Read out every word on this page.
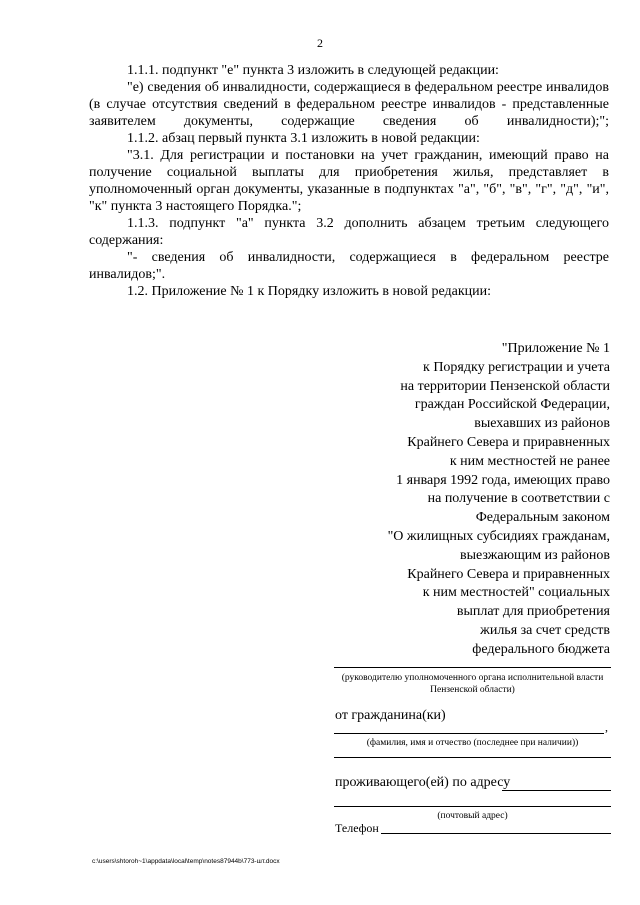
2

1.1.1. подпункт "е" пункта 3 изложить в следующей редакции:

"е) сведения об инвалидности, содержащиеся в федеральном реестре инвалидов (в случае отсутствия сведений в федеральном реестре инвалидов - представленные заявителем документы, содержащие сведения об инвалидности);";

1.1.2. абзац первый пункта 3.1 изложить в новой редакции:

"3.1. Для регистрации и постановки на учет гражданин, имеющий право на получение социальной выплаты для приобретения жилья, представляет в уполномоченный орган документы, указанные в подпунктах "а", "б", "в", "г", "д", "и", "к" пункта 3 настоящего Порядка.";

1.1.3. подпункт "а" пункта 3.2 дополнить абзацем третьим следующего содержания:

"- сведения об инвалидности, содержащиеся в федеральном реестре инвалидов;".

1.2. Приложение № 1 к Порядку изложить в новой редакции:

"Приложение № 1
к Порядку регистрации и учета
на территории Пензенской области
граждан Российской Федерации,
выехавших из районов
Крайнего Севера и приравненных
к ним местностей не ранее
1 января 1992 года, имеющих право
на получение в соответствии с
Федеральным законом
"О жилищных субсидиях гражданам,
выезжающим из районов
Крайнего Севера и приравненных
к ним местностей" социальных
выплат для приобретения
жилья за счет средств
федерального бюджета
(руководителю уполномоченного органа исполнительной власти Пензенской области)
от гражданина(ки)
,
(фамилия, имя и отчество (последнее при наличии))
проживающего(ей) по адресу
(почтовый адрес)
Телефон
c:\users\shtoroh~1\appdata\local\temp\notes87944b\773-шт.docx
